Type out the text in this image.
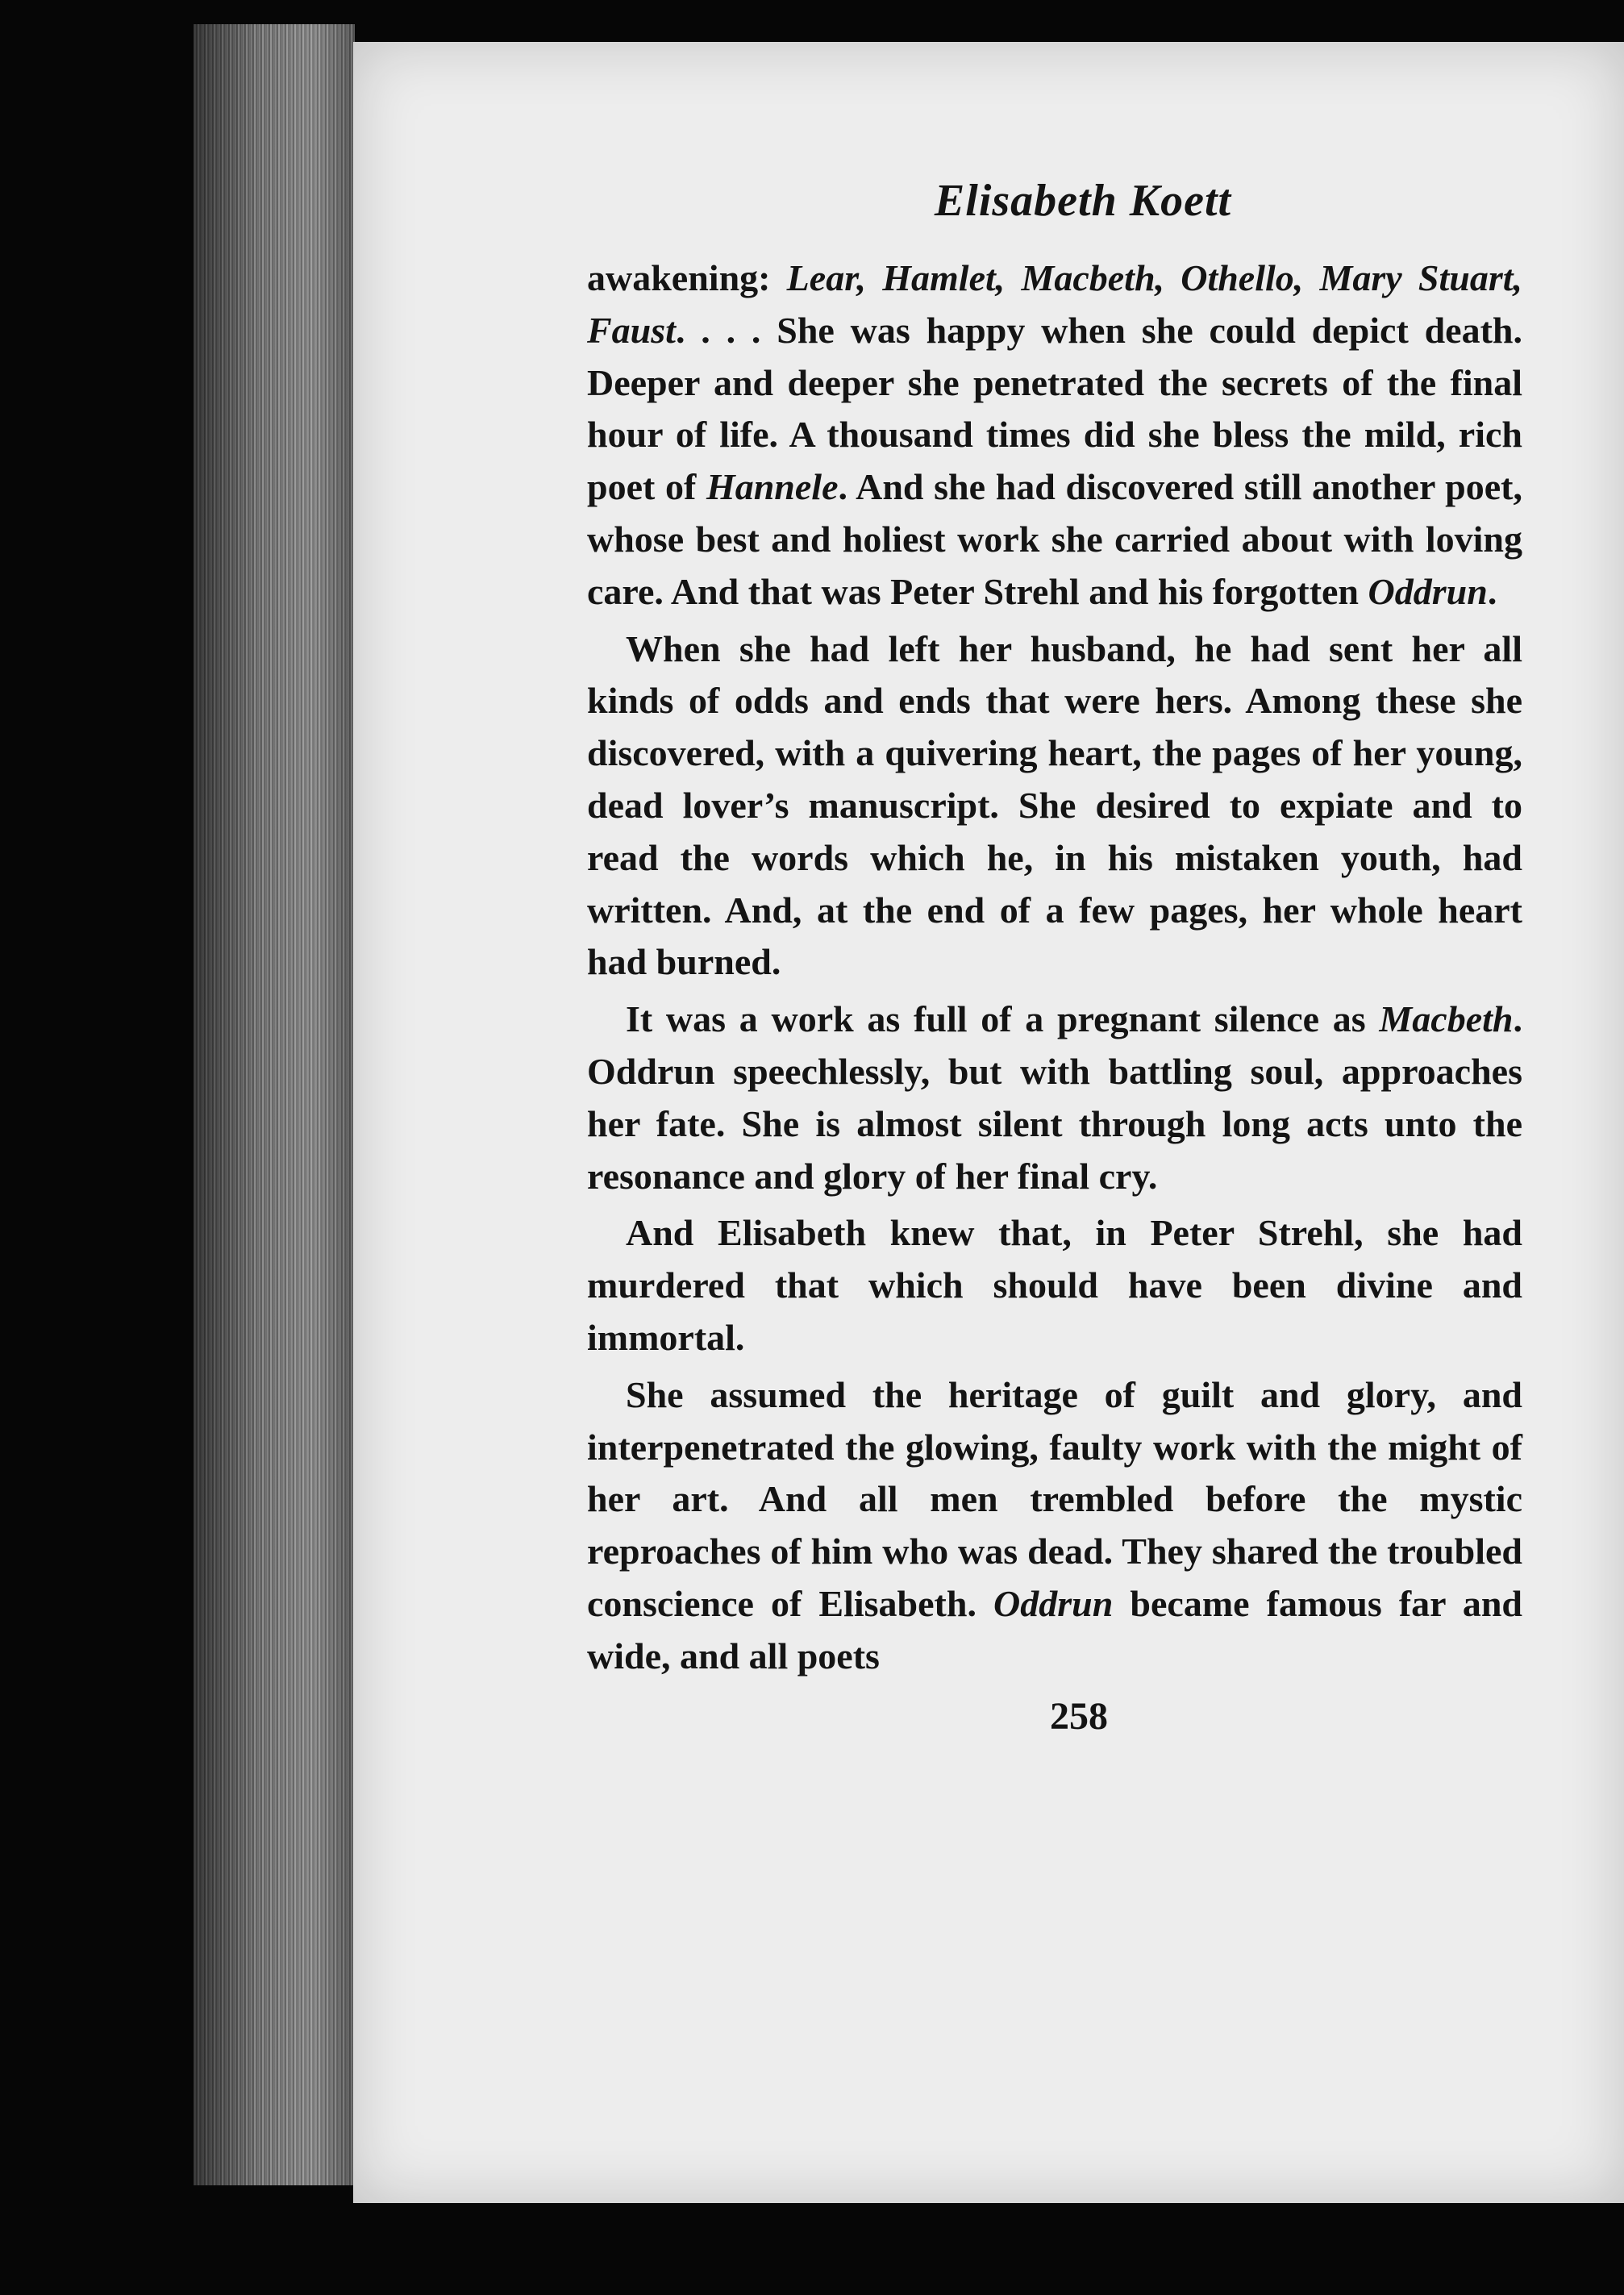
Elisabeth Koett

awakening: Lear, Hamlet, Macbeth, Othello, Mary Stuart, Faust. . . . She was happy when she could depict death. Deeper and deeper she penetrated the secrets of the final hour of life. A thousand times did she bless the mild, rich poet of Hannele. And she had discovered still another poet, whose best and holiest work she carried about with loving care. And that was Peter Strehl and his forgotten Oddrun.

When she had left her husband, he had sent her all kinds of odds and ends that were hers. Among these she discovered, with a quivering heart, the pages of her young, dead lover’s manuscript. She desired to expiate and to read the words which he, in his mistaken youth, had written. And, at the end of a few pages, her whole heart had burned.

It was a work as full of a pregnant silence as Macbeth. Oddrun speechlessly, but with battling soul, approaches her fate. She is almost silent through long acts unto the resonance and glory of her final cry.

And Elisabeth knew that, in Peter Strehl, she had murdered that which should have been divine and immortal.

She assumed the heritage of guilt and glory, and interpenetrated the glowing, faulty work with the might of her art. And all men trembled before the mystic reproaches of him who was dead. They shared the troubled conscience of Elisabeth. Oddrun became famous far and wide, and all poets

258
